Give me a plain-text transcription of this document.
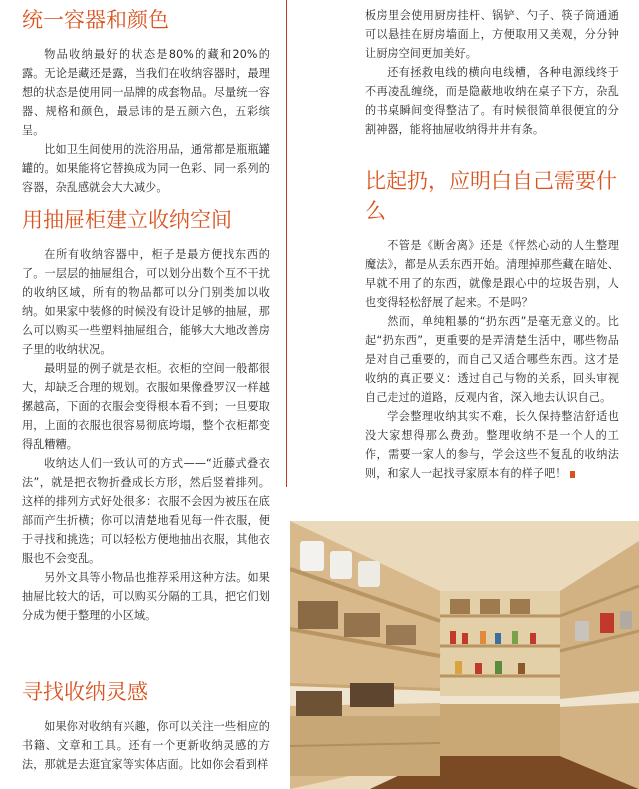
统一容器和颜色

物品收纳最好的状态是80%的藏和20%的露。无论是藏还是露，当我们在收纳容器时，最理想的状态是使用同一品牌的成套物品。尽量统一容器、规格和颜色，最忌讳的是五颜六色，五彩缤呈。

比如卫生间使用的洗浴用品，通常都是瓶瓶罐罐的。如果能将它替换成为同一色彩、同一系列的容器，杂乱感就会大大减少。

用抽屉柜建立收纳空间

在所有收纳容器中，柜子是最方便找东西的了。一层层的抽屉组合，可以划分出数个互不干扰的收纳区域，所有的物品都可以分门别类加以收纳。如果家中装修的时候没有设计足够的抽屉，那么可以购买一些塑料抽屉组合，能够大大地改善房子里的收纳状况。

最明显的例子就是衣柜。衣柜的空间一般都很大，却缺乏合理的规划。衣服如果像叠罗汉一样越摞越高，下面的衣服会变得根本看不到；一旦要取用，上面的衣服也很容易彻底垮塌，整个衣柜都变得乱糟糟。

收纳达人们一致认可的方式——“近藤式叠衣法”，就是把衣物折叠成长方形，然后竖着排列。这样的排列方式好处很多：衣服不会因为被压在底部而产生折横；你可以清楚地看见每一件衣服，便于寻找和挑选；可以轻松方便地抽出衣服，其他衣服也不会变乱。

另外文具等小物品也推荐采用这种方法。如果抽屉比较大的话，可以购买分隔的工具，把它们划分成为便于整理的小区域。

寻找收纳灵感

如果你对收纳有兴趣，你可以关注一些相应的书籍、文章和工具。还有一个更新收纳灵感的方法，那就是去逛宜家等实体店面。比如你会看到样

板房里会使用厨房挂杆、锅铲、勺子、筷子筒通通可以悬挂在厨房墙面上，方便取用又美观，分分钟让厨房空间更加美好。

还有拯救电线的横向电线槽，各种电源线终于不再凌乱缠绕，而是隐蔽地收纳在桌子下方，杂乱的书桌瞬间变得整洁了。有时候很简单很便宜的分割神器，能将抽屉收纳得井井有条。

比起扔，应明白自己需要什么

不管是《断舍离》还是《怦然心动的人生整理魔法》，都是从丢东西开始。清理掉那些藏在暗处、早就不用了的东西，就像是跟心中的垃圾告别，人也变得轻松舒展了起来。不是吗？

然而，单纯粗暴的“扔东西”是毫无意义的。比起“扔东西”，更重要的是弄清楚生活中，哪些物品是对自己重要的，而自己又适合哪些东西。这才是收纳的真正要义：透过自己与物的关系，回头审视自己走过的道路，反观内省，深入地去认识自己。

学会整理收纳其实不难，长久保持整洁舒适也没大家想得那么费劲。整理收纳不是一个人的工作，需要一家人的参与，学会这些不复乱的收纳法则，和家人一起找寻家原本有的样子吧！
